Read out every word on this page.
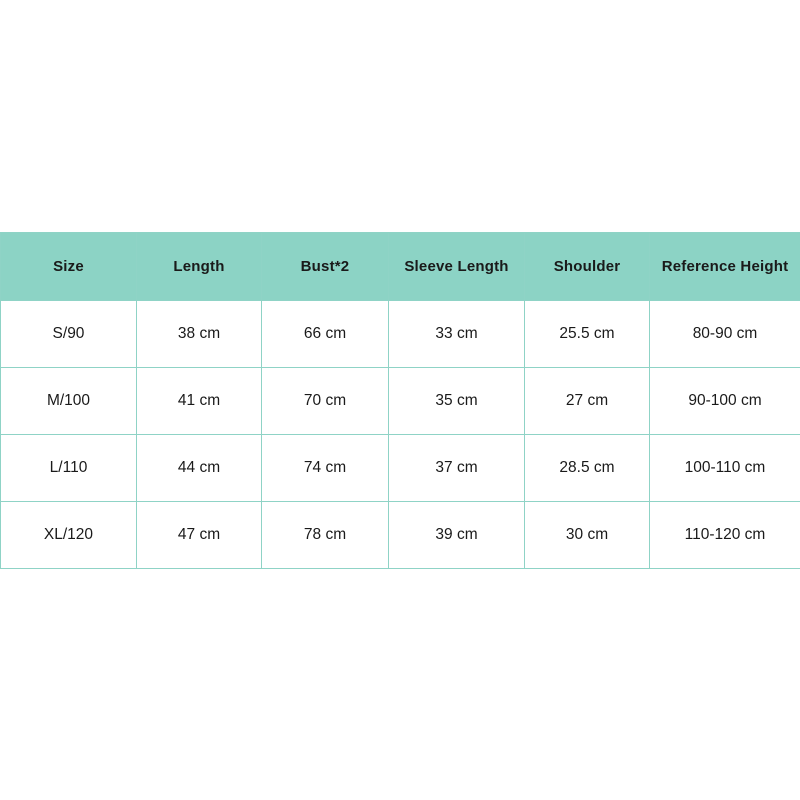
Size	Length	Bust*2	Sleeve Length	Shoulder	Reference Height
S/90	38 cm	66 cm	33 cm	25.5 cm	80-90 cm
M/100	41 cm	70 cm	35 cm	27 cm	90-100 cm
L/110	44 cm	74 cm	37 cm	28.5 cm	100-110 cm
XL/120	47 cm	78 cm	39 cm	30 cm	110-120 cm
